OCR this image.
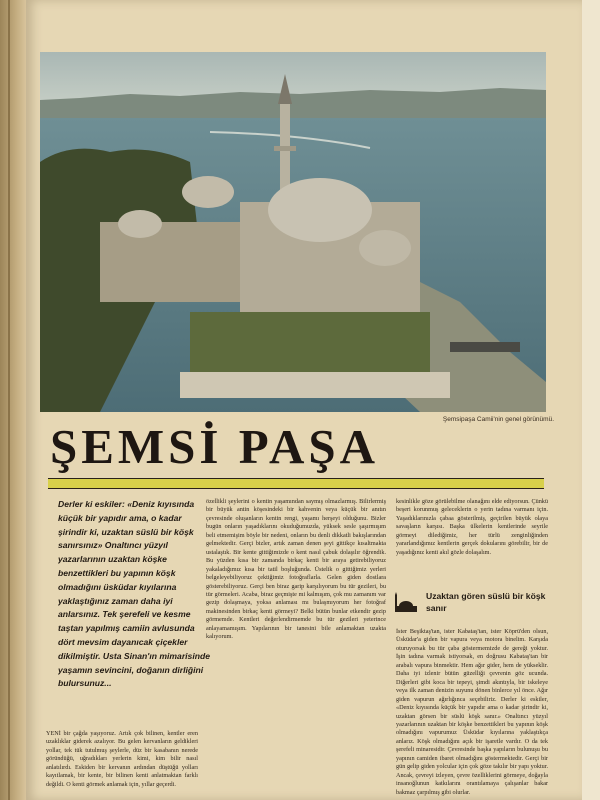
Şemsipaşa Camii'nin genel görünümü.
ŞEMSİ PAŞA

Derler ki eskiler: «Deniz kıyısında küçük bir yapıdır ama, o kadar şirindir ki, uzaktan süslü bir köşk sanırsınız» Onaltıncı yüzyıl yazarlarının uzaktan köşke benzettikleri bu yapının köşk olmadığını üsküdar kıyılarına yaklaştığınız zaman daha iyi anlarsınız. Tek şerefeli ve kesme taştan yapılmış camiin avlusunda dört mevsim dayanıcak çiçekler dikilmiştir. Usta Sinan'ın mimarisinde yaşamın sevincini, doğanın dirliğini bulursunuz...

özellikli şeylerini o kentin yaşamından saymış olmazlarmış. Bilirlermiş bir büyük antin köşesindeki bir kahvenin veya küçük bir anıtın çevresinde oluşanların kentin rengi, yaşamı herşeyi olduğunu. Bizler bugün onların yaşadıklarını okuduğumuzda, yüksek sesle şaşırmışım beli etmemişim böyle bir nedeni, onların bu denli dikkatli bakışlarından gelmektedir. Gerçi bizler, artık zaman denen şeyi gittikçe kısaltmakta ustalaştık. Bir kente gittiğimizde o kent nasıl çabuk dolaşılır öğrendik. Bu yüzden kısa bir zamanda birkaç kenti bir araya getirebiliyoruz yakaladığımız kısa bir tatil boşluğunda. Üstelik o gittiğimiz yerleri belgeleyebiliyoruz çektiğimiz fotoğraflarla. Gelen giden dostlara gösterebiliyoruz. Gerçi ben biraz garip karşılıyorum bu tür gezileri, bu tür görmeleri. Acaba, biraz geçmişte mi kalmışım, çok mu zamanım var gezip dolaşmaya, yoksa anlaması mı bulaşmıyorum her fotoğraf makinesinden birkaç kenti görmeyi? Belki bütün bunlar etkendir gezip görmemde. Kentleri değerlendirmemde bu tür gezileri yeterince anlayamamışım. Yapılarının bir tanesini bile anlamaktan uzakta kalıyorum.

kesinlikle göze görülebilme olanağını elde ediyorsun. Çünkü beşeri korunmuş geleceklerin o yerin tadına varmanı için. Yaşadıklarınızla çabaa gösterilmiş, geçirilen büyük olaya savaşların karşısı. Başka ülkelerin kentlerinde seyrile görmeyi dilediğimiz, her türlü zenginliğinden yararlandığımız kentlerin gerçek dokularını görebilir, bir de yaşadığınız kenti akıl gözle dolaşalım.

Uzaktan gören süslü bir köşk sanır

İster Beşiktaş'tan, ister Kabataş'tan, ister Köprü'den olsun, Üsküdar'a giden bir vapura veya motora binelim. Karşıda oturuyorsak bu tür çaba göstermemizde de gereği yoktur. İşin tadına varmak istiyorsak, en doğrusu Kabataş'tan bir arabalı vapura binmektir. Hem ağır gider, hem de yükseklir. Daha iyi izlenir bütün güzelliği çevrenin göz ucunda. Diğerleri gibi koca bir tepeyi, şimdi akıntıyla, bir iskeleye veya ilk zaman denizin suyunu dönen binlerce yıl önce. Ağır giden vapurun ağırlığınca seçebiliriz. Derler ki eskiler, «Deniz kıyısında küçük bir yapıdır ama o kadar şirindir ki, uzaktan görsen bir süslü köşk sanır.» Onaltıncı yüzyıl yazarlarının uzaktan bir köşke benzettikleri bu yapının köşk olmadığını vapurumuz Üsküdar kıyılarına yaklaştıkça anlarız. Köşk olmadığını açık bir işaretle vardır. O da tek şerefeli minaresidir. Çevresinde başka yapıların bulunuşu bu yapının camiden ibaret olmadığını göstermektedir. Gerçi bir gün gelip giden yolcular için çok göze takılır bir yapı yoktur. Ancak, çevreyi izleyen, çevre özelliklerini görmeye, doğayla insanoğlunun katkılarını orantılamaya çalışanlar bakar bakmaz çarpılmış gibi olurlar.

YENİ bir çağda yaşıyoruz. Artık çok bilinen, kentler eren uzaklıklar giderek azalıyor. Bu gelen kervanların geldikleri yollar, tek tük tutulmuş şeylerle, düz bir kasabanın nerede göründüğü, uğradıkları yerlerin kimi, kim bilir nasıl anlatılırdı. Eskiden bir kervanın ardından düştüğü yolları kayıtlamak, bir kente, bir bilinen kenti anlatmaktan farklı değildi. O kenti görmek anlamak için, yıllar geçerdi.
